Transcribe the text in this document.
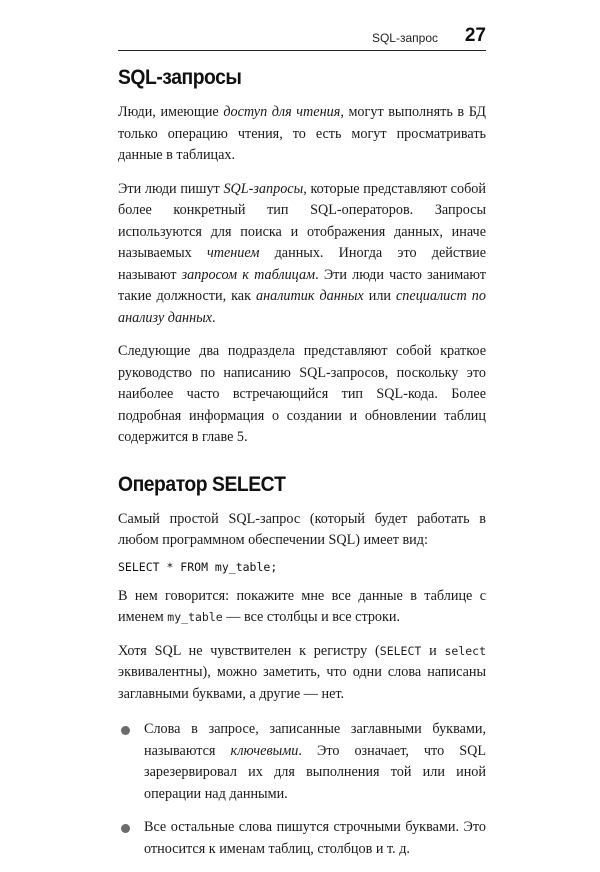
SQL-запрос 27
SQL-запросы

Люди, имеющие доступ для чтения, могут выполнять в БД только операцию чтения, то есть могут просматривать данные в таблицах.

Эти люди пишут SQL-запросы, которые представляют собой более конкретный тип SQL-операторов. Запросы используются для поиска и отображения данных, иначе называемых чтением данных. Иногда это действие называют запросом к таблицам. Эти люди часто занимают такие должности, как аналитик данных или специалист по анализу данных.

Следующие два подраздела представляют собой краткое руководство по написанию SQL-запросов, поскольку это наиболее часто встречающийся тип SQL-кода. Более подробная информация о создании и обновлении таблиц содержится в главе 5.

Оператор SELECT

Самый простой SQL-запрос (который будет работать в любом программном обеспечении SQL) имеет вид:

SELECT * FROM my_table;

В нем говорится: покажите мне все данные в таблице с именем my_table — все столбцы и все строки.

Хотя SQL не чувствителен к регистру (SELECT и select эквивалентны), можно заметить, что одни слова написаны заглавными буквами, а другие — нет.

Слова в запросе, записанные заглавными буквами, называются ключевыми. Это означает, что SQL зарезервировал их для выполнения той или иной операции над данными.
Все остальные слова пишутся строчными буквами. Это относится к именам таблиц, столбцов и т. д.
